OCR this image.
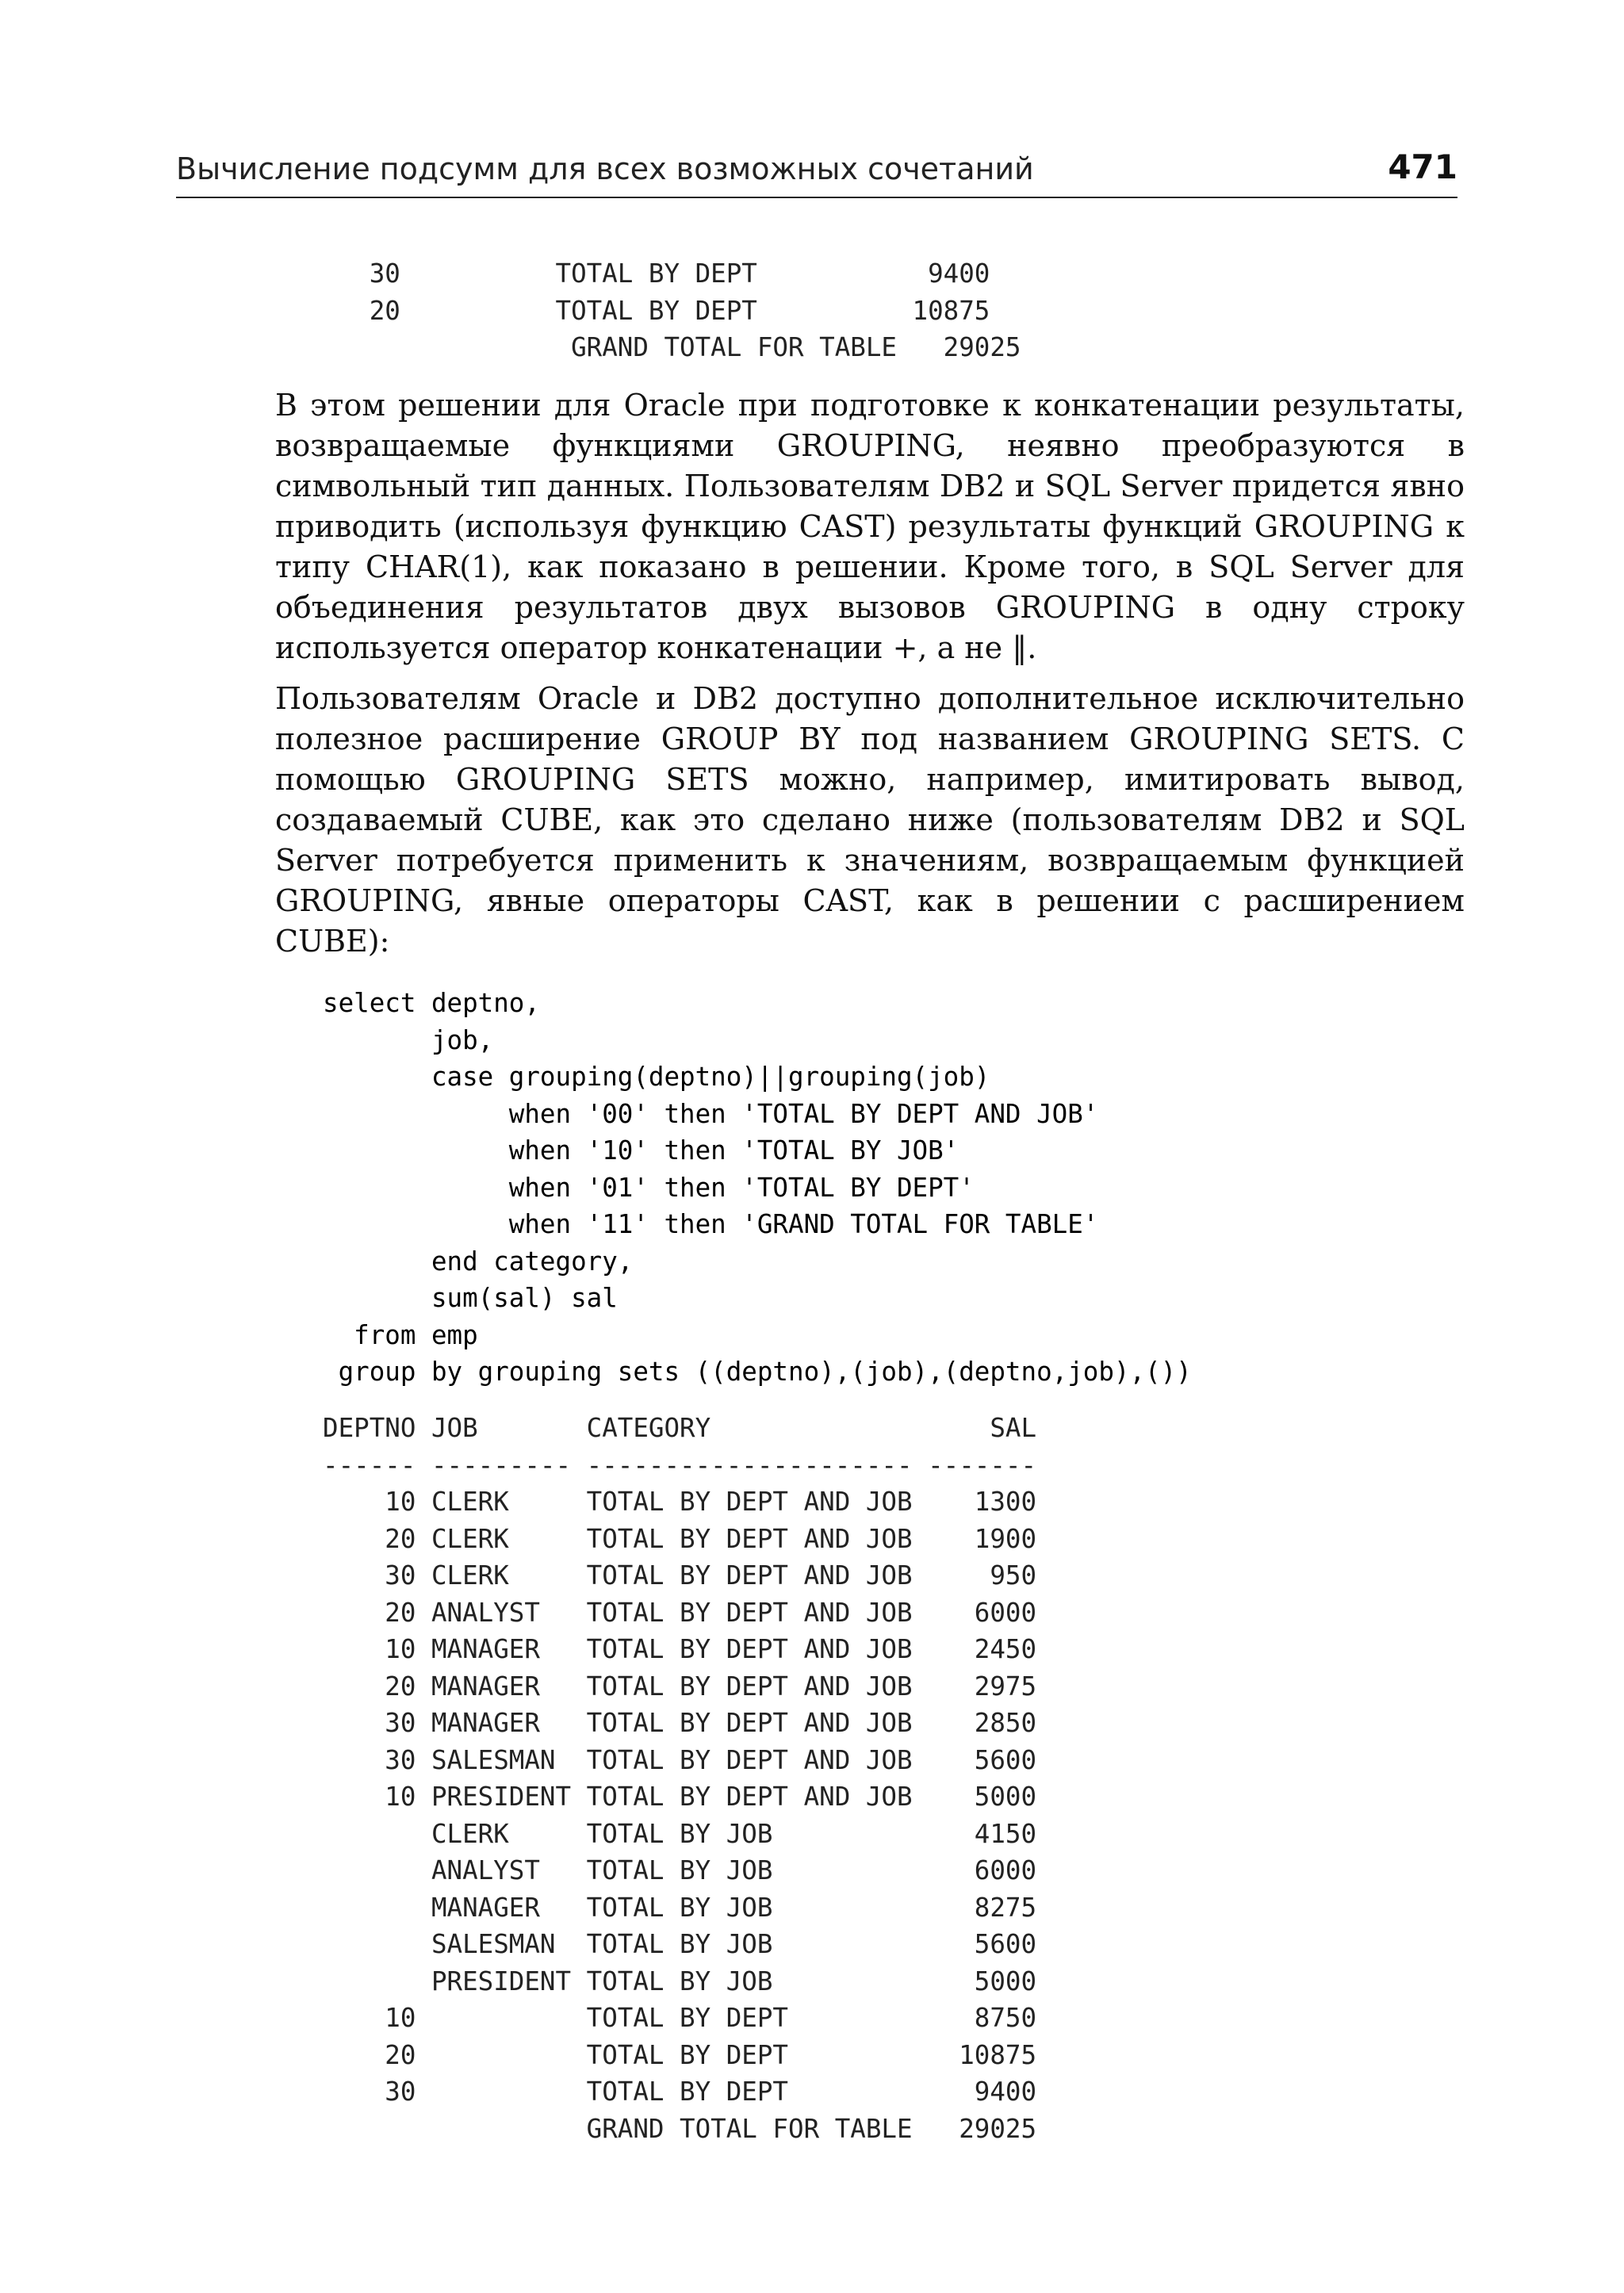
Вычисление подсумм для всех возможных сочетаний	471
30          TOTAL BY DEPT           9400
20          TOTAL BY DEPT          10875
GRAND TOTAL FOR TABLE   29025

В этом решении для Oracle при подготовке к конкатенации результаты, возвращаемые функциями GROUPING, неявно преобразуются в символьный тип данных. Пользователям DB2 и SQL Server придется явно приводить (используя функцию CAST) результаты функций GROUPING к типу CHAR(1), как показано в решении. Кроме того, в SQL Server для объединения результатов двух вызовов GROUPING в одну строку используется оператор конкатенации +, а не ‖.

Пользователям Oracle и DB2 доступно дополнительное исключительно полезное расширение GROUP BY под названием GROUPING SETS. С помощью GROUPING SETS можно, например, имитировать вывод, создаваемый CUBE, как это сделано ниже (пользователям DB2 и SQL Server потребуется применить к значениям, возвращаемым функцией GROUPING, явные операторы CAST, как в решении с расширением CUBE):

select deptno,
job,
case grouping(deptno)||grouping(job)
when '00' then 'TOTAL BY DEPT AND JOB'
when '10' then 'TOTAL BY JOB'
when '01' then 'TOTAL BY DEPT'
when '11' then 'GRAND TOTAL FOR TABLE'
end category,
sum(sal) sal
from emp
group by grouping sets ((deptno),(job),(deptno,job),())
DEPTNO JOB       CATEGORY                  SAL
------ --------- --------------------- -------
10 CLERK     TOTAL BY DEPT AND JOB    1300
20 CLERK     TOTAL BY DEPT AND JOB    1900
30 CLERK     TOTAL BY DEPT AND JOB     950
20 ANALYST   TOTAL BY DEPT AND JOB    6000
10 MANAGER   TOTAL BY DEPT AND JOB    2450
20 MANAGER   TOTAL BY DEPT AND JOB    2975
30 MANAGER   TOTAL BY DEPT AND JOB    2850
30 SALESMAN  TOTAL BY DEPT AND JOB    5600
10 PRESIDENT TOTAL BY DEPT AND JOB    5000
CLERK     TOTAL BY JOB             4150
ANALYST   TOTAL BY JOB             6000
MANAGER   TOTAL BY JOB             8275
SALESMAN  TOTAL BY JOB             5600
PRESIDENT TOTAL BY JOB             5000
10           TOTAL BY DEPT            8750
20           TOTAL BY DEPT           10875
30           TOTAL BY DEPT            9400
GRAND TOTAL FOR TABLE   29025
